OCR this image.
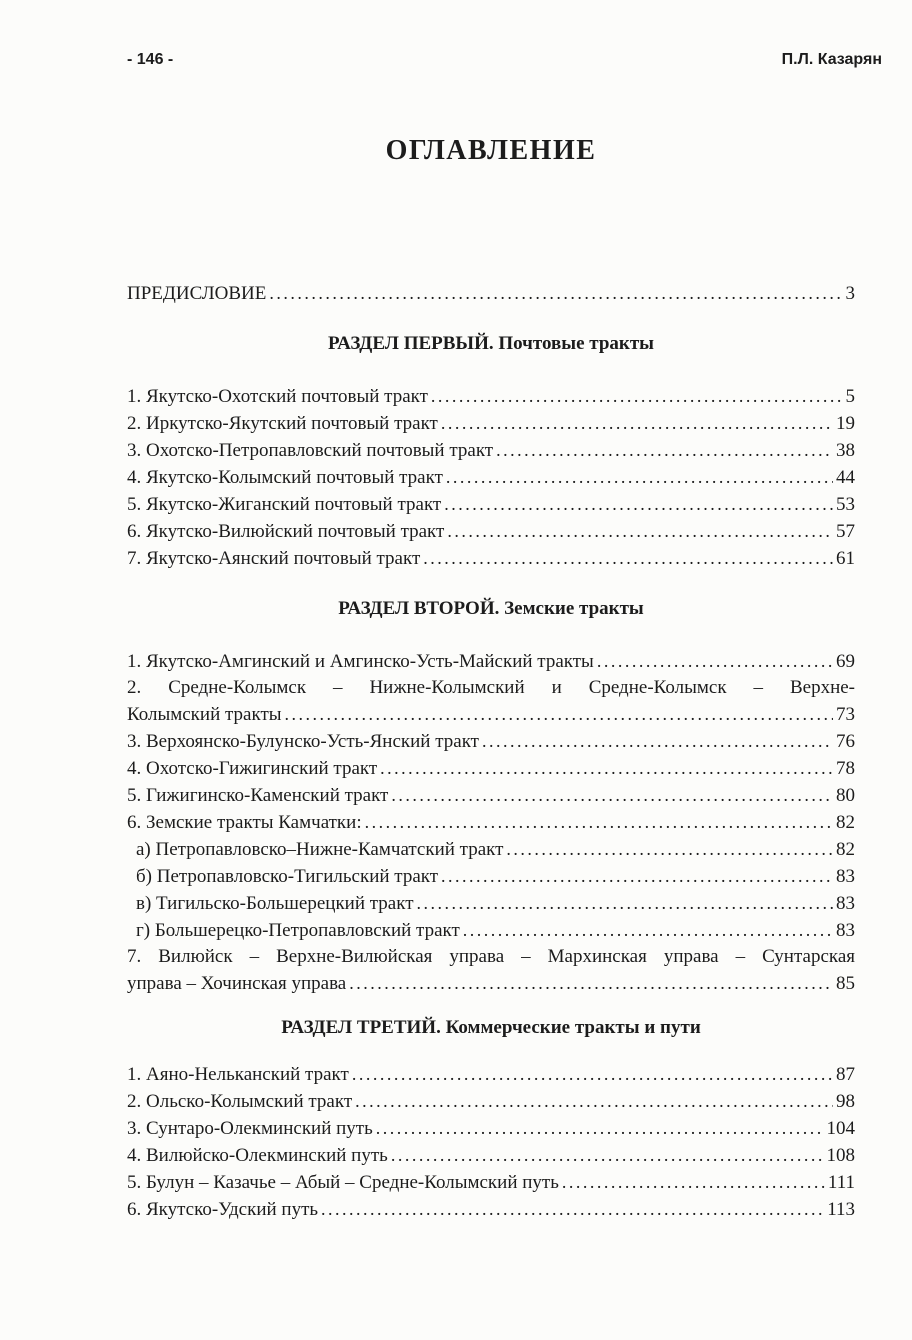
- 146 -	П.Л. Казарян
ОГЛАВЛЕНИЕ
ПРЕДИСЛОВИЕ .....	3
РАЗДЕЛ ПЕРВЫЙ. Почтовые тракты
1. Якутско-Охотский почтовый тракт .....	5
2. Иркутско-Якутский почтовый тракт .....	19
3. Охотско-Петропавловский почтовый тракт .....	38
4. Якутско-Колымский почтовый тракт .....	44
5. Якутско-Жиганский почтовый тракт .....	53
6. Якутско-Вилюйский почтовый тракт .....	57
7. Якутско-Аянский почтовый тракт .....	61
РАЗДЕЛ ВТОРОЙ. Земские тракты
1. Якутско-Амгинский и Амгинско-Усть-Майский тракты .....	69
2. Средне-Колымск – Нижне-Колымский и Средне-Колымск – Верхне-
Колымский тракты .....	73
3. Верхоянско-Булунско-Усть-Янский тракт .....	76
4. Охотско-Гижигинский тракт .....	78
5. Гижигинско-Каменский тракт .....	80
6. Земские тракты Камчатки: .....	82
а) Петропавловско–Нижне-Камчатский тракт .....	82
б) Петропавловско-Тигильский тракт .....	83
в) Тигильско-Большерецкий тракт .....	83
г) Большерецко-Петропавловский тракт .....	83
7. Вилюйск – Верхне-Вилюйская управа – Мархинская управа – Сунтарская
управа – Хочинская управа .....	85
РАЗДЕЛ ТРЕТИЙ. Коммерческие тракты и пути
1. Аяно-Нельканский тракт .....	87
2. Ольско-Колымский тракт .....	98
3. Сунтаро-Олекминский путь .....	104
4. Вилюйско-Олекминский путь .....	108
5. Булун – Казачье – Абый – Средне-Колымский путь .....	111
6. Якутско-Удский путь .....	113
